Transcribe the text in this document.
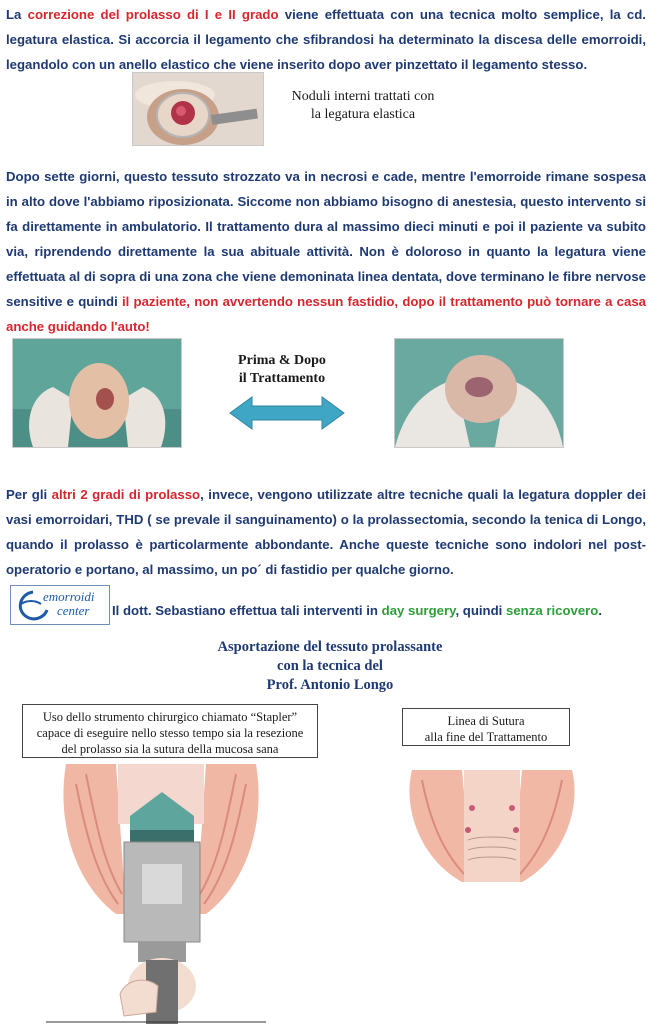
La correzione del prolasso di I e II grado viene effettuata con una tecnica molto semplice, la cd. legatura elastica. Si accorcia il legamento che sfibrandosi ha determinato la discesa delle emorroidi, legandolo con un anello elastico che viene inserito dopo aver pinzettato il legamento stesso.
Noduli interni trattati con
la legatura elastica
Dopo sette giorni, questo tessuto strozzato va in necrosi e cade, mentre l'emorroide rimane sospesa in alto dove l'abbiamo riposizionata. Siccome non abbiamo bisogno di anestesia, questo intervento si fa direttamente in ambulatorio. Il trattamento dura al massimo dieci minuti e poi il paziente va subito via, riprendendo direttamente la sua abituale attività. Non è doloroso in quanto la legatura viene effettuata al di sopra di una zona che viene demoninata linea dentata, dove terminano le fibre nervose sensitive e quindi il paziente, non avvertendo nessun fastidio, dopo il trattamento può tornare a casa anche guidando l'auto!
Prima & Dopo
il Trattamento
Per gli altri 2 gradi di prolasso, invece, vengono utilizzate altre tecniche quali la legatura doppler dei vasi emorroidari, THD ( se prevale il sanguinamento) o la prolassectomia, secondo la tenica di Longo, quando il prolasso è particolarmente abbondante. Anche queste tecniche sono indolori nel post-operatorio e portano, al massimo, un po´ di fastidio per qualche giorno.
emorroidi
center	Il dott. Sebastiano effettua tali interventi in day surgery, quindi senza ricovero.
Asportazione del tessuto prolassante
con la tecnica del
Prof. Antonio Longo
Uso dello strumento chirurgico chiamato “Stapler”
capace di eseguire nello stesso tempo sia la resezione
del prolasso sia la sutura della mucosa sana
Linea di Sutura
alla fine del Trattamento
